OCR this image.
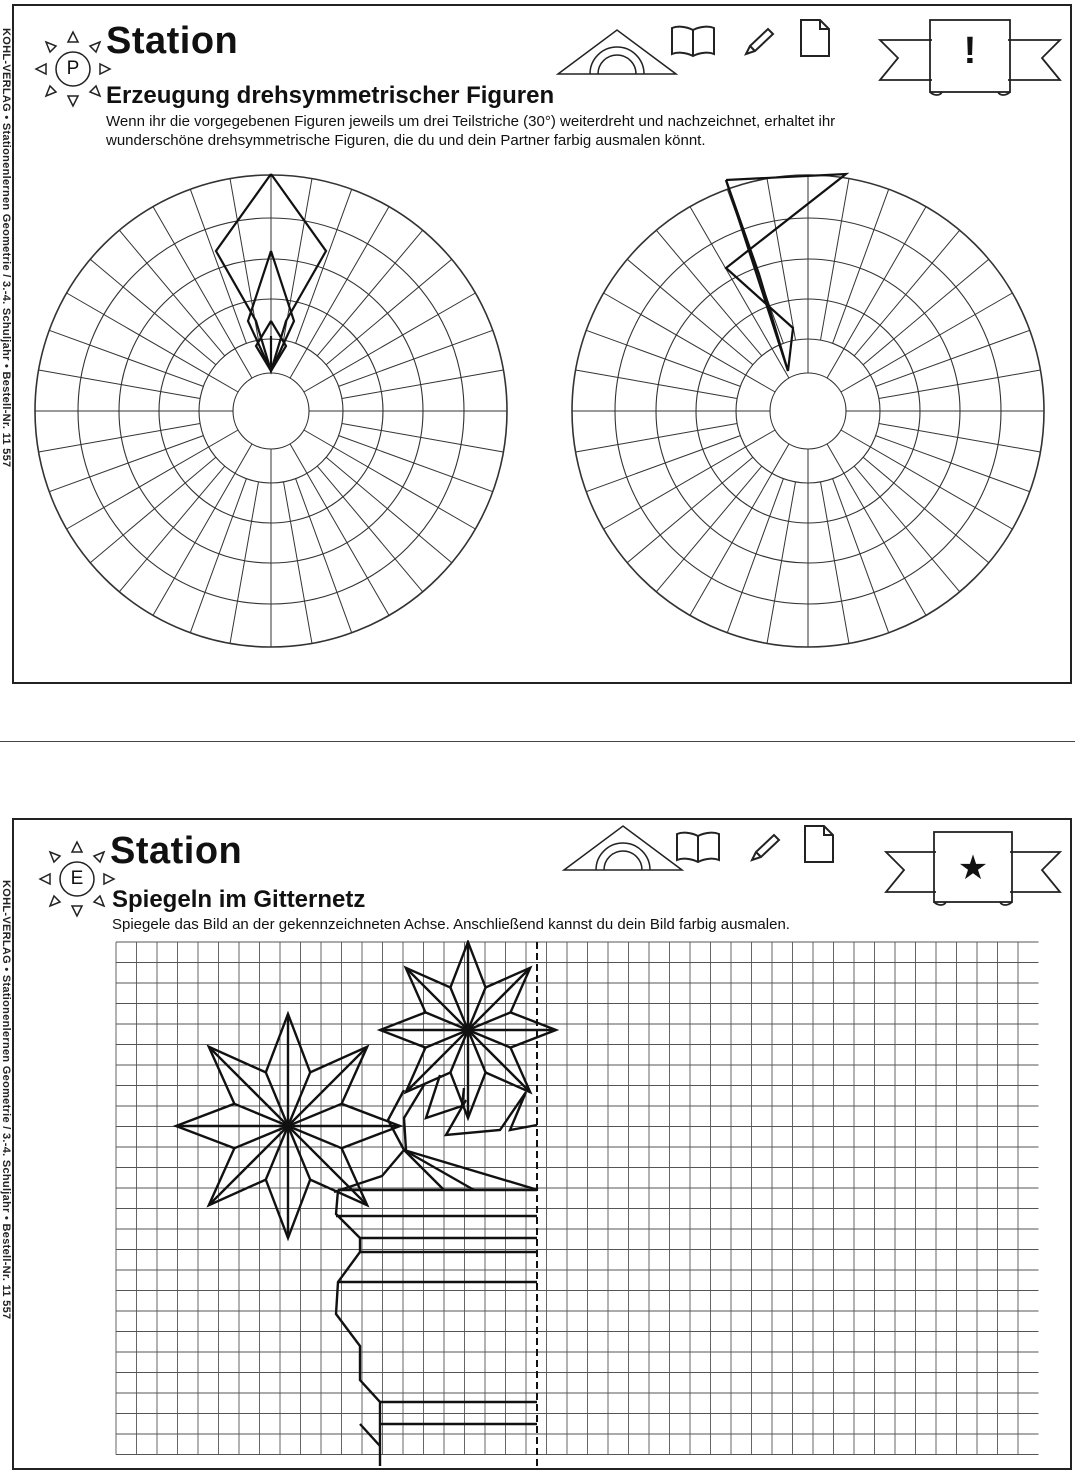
KOHL-VERLAG • Stationenlernen Geometrie / 3.-4. Schuljahr • Bestell-Nr. 11 557
KOHL-VERLAG • Stationenlernen Geometrie / 3.-4. Schuljahr • Bestell-Nr. 11 557
P
Station	!
Erzeugung drehsymmetrischer Figuren

Wenn ihr die vorgegebenen Figuren jeweils um drei Teilstriche (30°) weiterdreht und nachzeichnet, erhaltet ihr

wunderschöne drehsymmetrische Figuren, die du und dein Partner farbig ausmalen könnt.

E
Station	★
Spiegeln im Gitternetz

Spiegele das Bild an der gekennzeichneten Achse. Anschließend kannst du dein Bild farbig ausmalen.
